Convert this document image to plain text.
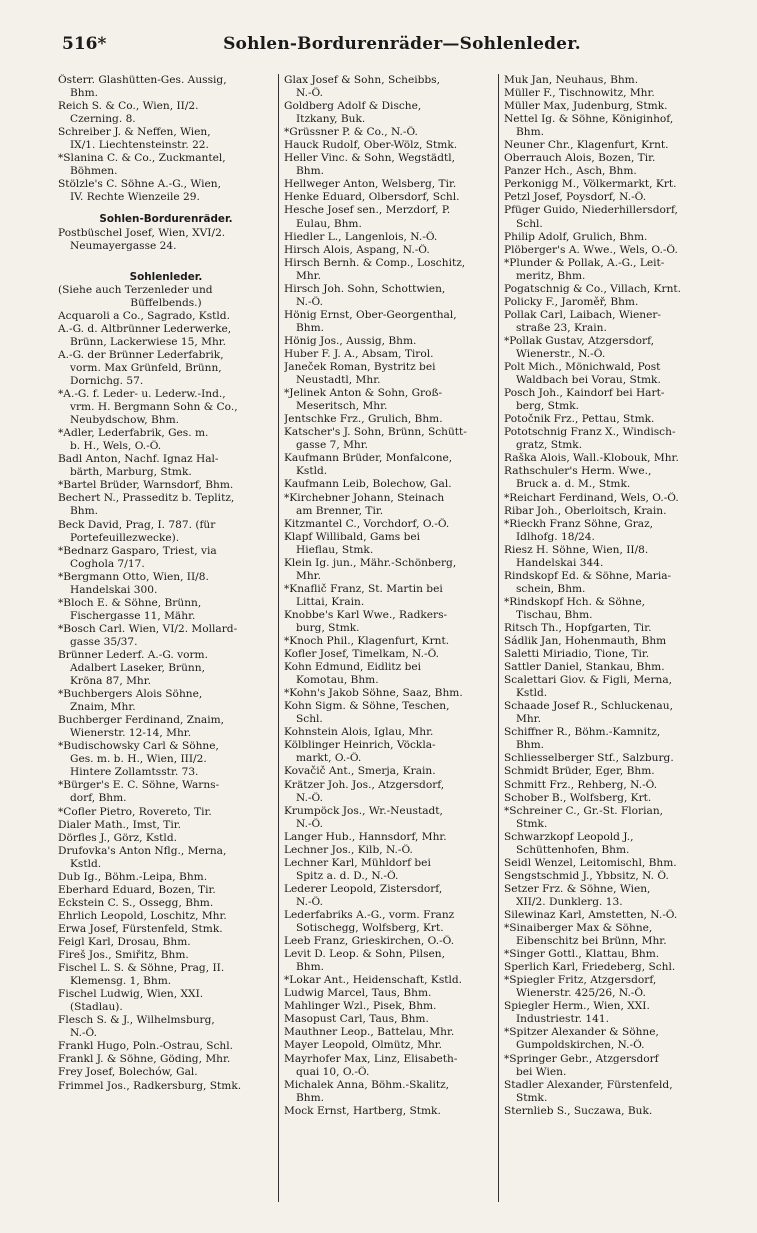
516*	Sohlen-Bordurenräder—Sohlenleder.
Österr. Glashütten-Ges. Aussig,
Bhm.
Reich S. & Co., Wien, II/2.
Czerning. 8.
Schreiber J. & Neffen, Wien,
IX/1. Liechtensteinstr. 22.
*Slanina C. & Co., Zuckmantel,
Böhmen.
Stölzle's C. Söhne A.-G., Wien,
IV. Rechte Wienzeile 29.
Sohlen-Bordurenräder.
Postbüschel Josef, Wien, XVI/2.
Neumayergasse 24.
Sohlenleder.
(Siehe auch Terzenleder und
Büffelbends.)
Acquaroli a Co., Sagrado, Kstld.
A.-G. d. Altbrünner Lederwerke,
Brünn, Lackerwiese 15, Mhr.
A.-G. der Brünner Lederfabrik,
vorm. Max Grünfeld, Brünn,
Dornichg. 57.
*A.-G. f. Leder- u. Lederw.-Ind.,
vrm. H. Bergmann Sohn & Co.,
Neubydschow, Bhm.
*Adler, Lederfabrik, Ges. m.
b. H., Wels, O.-Ö.
Badl Anton, Nachf. Ignaz Hal-
bärth, Marburg, Stmk.
*Bartel Brüder, Warnsdorf, Bhm.
Bechert N., Prasseditz b. Teplitz,
Bhm.
Beck David, Prag, I. 787. (für
Portefeuillezwecke).
*Bednarz Gasparo, Triest, via
Coghola 7/17.
*Bergmann Otto, Wien, II/8.
Handelskai 300.
*Bloch E. & Söhne, Brünn,
Fischergasse 11, Mähr.
*Bosch Carl. Wien, VI/2. Mollard-
gasse 35/37.
Brünner Lederf. A.-G. vorm.
Adalbert Laseker, Brünn,
Kröna 87, Mhr.
*Buchbergers Alois Söhne,
Znaim, Mhr.
Buchberger Ferdinand, Znaim,
Wienerstr. 12-14, Mhr.
*Budischowsky Carl & Söhne,
Ges. m. b. H., Wien, III/2.
Hintere Zollamtsstr. 73.
*Bürger's E. C. Söhne, Warns-
dorf, Bhm.
*Cofler Pietro, Rovereto, Tir.
Dialer Math., Imst, Tir.
Dörfles J., Görz, Kstld.
Drufovka's Anton Nflg., Merna,
Kstld.
Dub Ig., Böhm.-Leipa, Bhm.
Eberhard Eduard, Bozen, Tir.
Eckstein C. S., Ossegg, Bhm.
Ehrlich Leopold, Loschitz, Mhr.
Erwa Josef, Fürstenfeld, Stmk.
Feigl Karl, Drosau, Bhm.
Fireš Jos., Smiřitz, Bhm.
Fischel L. S. & Söhne, Prag, II.
Klemensg. 1, Bhm.
Fischel Ludwig, Wien, XXI.
(Stadlau).
Flesch S. & J., Wilhelmsburg,
N.-Ö.
Frankl Hugo, Poln.-Ostrau, Schl.
Frankl J. & Söhne, Göding, Mhr.
Frey Josef, Bolechów, Gal.
Frimmel Jos., Radkersburg, Stmk.
Glax Josef & Sohn, Scheibbs,
N.-Ö.
Goldberg Adolf & Dische,
Itzkany, Buk.
*Grüssner P. & Co., N.-Ö.
Hauck Rudolf, Ober-Wölz, Stmk.
Heller Vinc. & Sohn, Wegstädtl,
Bhm.
Hellweger Anton, Welsberg, Tir.
Henke Eduard, Olbersdorf, Schl.
Hesche Josef sen., Merzdorf, P.
Eulau, Bhm.
Hiedler L., Langenlois, N.-Ö.
Hirsch Alois, Aspang, N.-Ö.
Hirsch Bernh. & Comp., Loschitz,
Mhr.
Hirsch Joh. Sohn, Schottwien,
N.-Ö.
Hönig Ernst, Ober-Georgenthal,
Bhm.
Hönig Jos., Aussig, Bhm.
Huber F. J. A., Absam, Tirol.
Janeček Roman, Bystritz bei
Neustadtl, Mhr.
*Jelinek Anton & Sohn, Groß-
Meseritsch, Mhr.
Jentschke Frz., Grulich, Bhm.
Katscher's J. Sohn, Brünn, Schütt-
gasse 7, Mhr.
Kaufmann Brüder, Monfalcone,
Kstld.
Kaufmann Leib, Bolechow, Gal.
*Kirchebner Johann, Steinach
am Brenner, Tir.
Kitzmantel C., Vorchdorf, O.-Ö.
Klapf Willibald, Gams bei
Hieflau, Stmk.
Klein Ig. jun., Mähr.-Schönberg,
Mhr.
*Knaflič Franz, St. Martin bei
Littai, Krain.
Knobbe's Karl Wwe., Radkers-
burg, Stmk.
*Knoch Phil., Klagenfurt, Krnt.
Kofler Josef, Timelkam, N.-Ö.
Kohn Edmund, Eidlitz bei
Komotau, Bhm.
*Kohn's Jakob Söhne, Saaz, Bhm.
Kohn Sigm. & Söhne, Teschen,
Schl.
Kohnstein Alois, Iglau, Mhr.
Kölblinger Heinrich, Vöckla-
markt, O.-Ö.
Kovačič Ant., Smerja, Krain.
Krätzer Joh. Jos., Atzgersdorf,
N.-Ö.
Krumpöck Jos., Wr.-Neustadt,
N.-Ö.
Langer Hub., Hannsdorf, Mhr.
Lechner Jos., Kilb, N.-Ö.
Lechner Karl, Mühldorf bei
Spitz a. d. D., N.-Ö.
Lederer Leopold, Zistersdorf,
N.-Ö.
Lederfabriks A.-G., vorm. Franz
Sotischegg, Wolfsberg, Krt.
Leeb Franz, Grieskirchen, O.-Ö.
Levit D. Leop. & Sohn, Pilsen,
Bhm.
*Lokar Ant., Heidenschaft, Kstld.
Ludwig Marcel, Taus, Bhm.
Mahlinger Wzl., Pisek, Bhm.
Masopust Carl, Taus, Bhm.
Mauthner Leop., Battelau, Mhr.
Mayer Leopold, Olmütz, Mhr.
Mayrhofer Max, Linz, Elisabeth-
quai 10, O.-Ö.
Michalek Anna, Böhm.-Skalitz,
Bhm.
Mock Ernst, Hartberg, Stmk.
Muk Jan, Neuhaus, Bhm.
Müller F., Tischnowitz, Mhr.
Müller Max, Judenburg, Stmk.
Nettel Ig. & Söhne, Königinhof,
Bhm.
Neuner Chr., Klagenfurt, Krnt.
Oberrauch Alois, Bozen, Tir.
Panzer Hch., Asch, Bhm.
Perkonigg M., Völkermarkt, Krt.
Petzl Josef, Poysdorf, N.-Ö.
Pfüger Guido, Niederhillersdorf,
Schl.
Philip Adolf, Grulich, Bhm.
Plöberger's A. Wwe., Wels, O.-Ö.
*Plunder & Pollak, A.-G., Leit-
meritz, Bhm.
Pogatschnig & Co., Villach, Krnt.
Policky F., Jaroměř, Bhm.
Pollak Carl, Laibach, Wiener-
straße 23, Krain.
*Pollak Gustav, Atzgersdorf,
Wienerstr., N.-Ö.
Polt Mich., Mönichwald, Post
Waldbach bei Vorau, Stmk.
Posch Joh., Kaindorf bei Hart-
berg, Stmk.
Potočnik Frz., Pettau, Stmk.
Pototschnig Franz X., Windisch-
gratz, Stmk.
Raška Alois, Wall.-Klobouk, Mhr.
Rathschuler's Herm. Wwe.,
Bruck a. d. M., Stmk.
*Reichart Ferdinand, Wels, O.-Ö.
Ribar Joh., Oberloitsch, Krain.
*Rieckh Franz Söhne, Graz,
Idlhofg. 18/24.
Riesz H. Söhne, Wien, II/8.
Handelskai 344.
Rindskopf Ed. & Söhne, Maria-
schein, Bhm.
*Rindskopf Hch. & Söhne,
Tischau, Bhm.
Ritsch Th., Hopfgarten, Tir.
Sádlik Jan, Hohenmauth, Bhm
Saletti Miriadio, Tione, Tir.
Sattler Daniel, Stankau, Bhm.
Scalettari Giov. & Figli, Merna,
Kstld.
Schaade Josef R., Schluckenau,
Mhr.
Schiffner R., Böhm.-Kamnitz,
Bhm.
Schliesselberger Stf., Salzburg.
Schmidt Brüder, Eger, Bhm.
Schmitt Frz., Rehberg, N.-Ö.
Schober B., Wolfsberg, Krt.
*Schreiner C., Gr.-St. Florian,
Stmk.
Schwarzkopf Leopold J.,
Schüttenhofen, Bhm.
Seidl Wenzel, Leitomischl, Bhm.
Sengstschmid J., Ybbsitz, N. Ö.
Setzer Frz. & Söhne, Wien,
XII/2. Dunklerg. 13.
Silewinaz Karl, Amstetten, N.-Ö.
*Sinaiberger Max & Söhne,
Eibenschitz bei Brünn, Mhr.
*Singer Gottl., Klattau, Bhm.
Sperlich Karl, Friedeberg, Schl.
*Spiegler Fritz, Atzgersdorf,
Wienerstr. 425/26, N.-Ö.
Spiegler Herm., Wien, XXI.
Industriestr. 141.
*Spitzer Alexander & Söhne,
Gumpoldskirchen, N.-Ö.
*Springer Gebr., Atzgersdorf
bei Wien.
Stadler Alexander, Fürstenfeld,
Stmk.
Sternlieb S., Suczawa, Buk.
